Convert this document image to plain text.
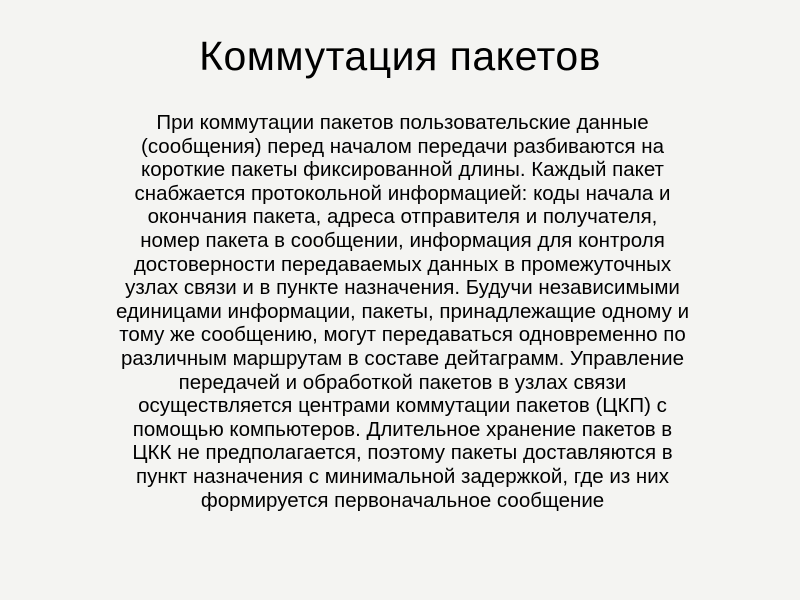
Коммутация пакетов
При коммутации пакетов пользовательские данные
(сообщения) перед началом передачи разбиваются на
короткие пакеты фиксированной длины. Каждый пакет
снабжается протокольной информацией: коды начала и
окончания пакета, адреса отправителя и получателя,
номер пакета в сообщении, информация для контроля
достоверности передаваемых данных в промежуточных
узлах связи и в пункте назначения. Будучи независимыми
единицами информации, пакеты, принадлежащие одному и
тому же сообщению, могут передаваться одновременно по
различным маршрутам в составе дейтаграмм. Управление
передачей и обработкой пакетов в узлах связи
осуществляется центрами коммутации пакетов (ЦКП) с
помощью компьютеров. Длительное хранение пакетов в
ЦКК не предполагается, поэтому пакеты доставляются в
пункт назначения с минимальной задержкой, где из них
формируется первоначальное сообщение
